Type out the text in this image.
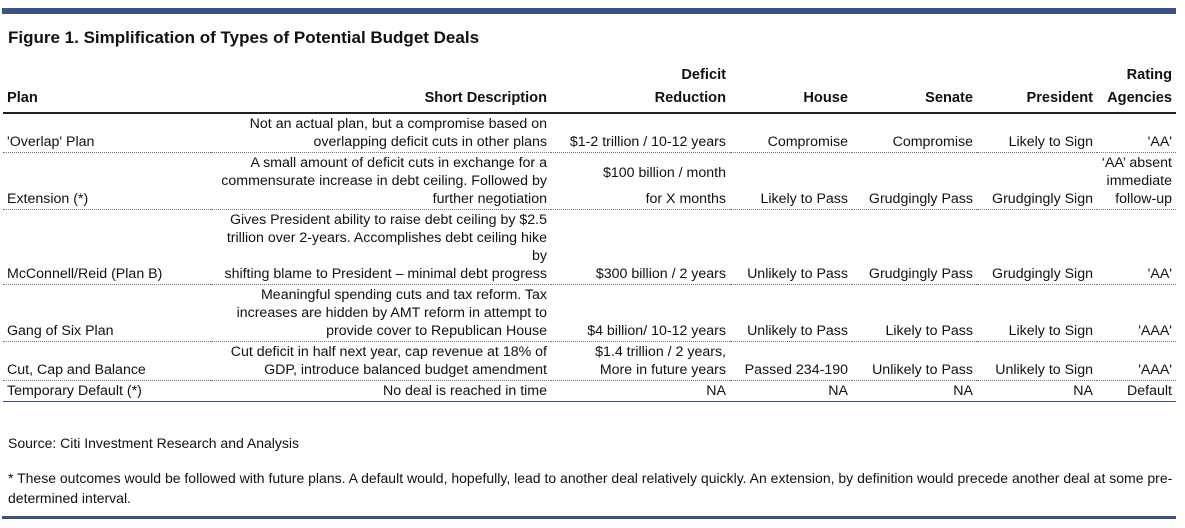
Figure 1. Simplification of Types of Potential Budget Deals
Plan	Short Description	Deficit
Reduction	House	Senate	President	Rating
Agencies

'Overlap' Plan	Not an actual plan, but a compromise based on
overlapping deficit cuts in other plans	$1-2 trillion / 10-12 years	Compromise	Compromise	Likely to Sign	'AA'

Extension (*)	A small amount of deficit cuts in exchange for a
commensurate increase in debt ceiling. Followed by
further negotiation	$100 billion / month
for X months	Likely to Pass	Grudgingly Pass	Grudgingly Sign	‘AA’ absent
immediate
follow-up

McConnell/Reid (Plan B)	Gives President ability to raise debt ceiling by $2.5
trillion over 2-years. Accomplishes debt ceiling hike by
shifting blame to President – minimal debt progress	$300 billion / 2 years	Unlikely to Pass	Grudgingly Pass	Grudgingly Sign	'AA'

Gang of Six Plan	Meaningful spending cuts and tax reform. Tax
increases are hidden by AMT reform in attempt to
provide cover to Republican House	$4 billion/ 10-12 years	Unlikely to Pass	Likely to Pass	Likely to Sign	'AAA'

Cut, Cap and Balance	Cut deficit in half next year, cap revenue at 18% of
GDP, introduce balanced budget amendment	$1.4 trillion / 2 years,
More in future years	Passed 234-190	Unlikely to Pass	Unlikely to Sign	'AAA'

Temporary Default (*)	No deal is reached in time	NA	NA	NA	NA	Default
Source: Citi Investment Research and Analysis
* These outcomes would be followed with future plans. A default would, hopefully, lead to another deal relatively quickly. An extension, by definition would precede another deal at some pre-determined interval.
